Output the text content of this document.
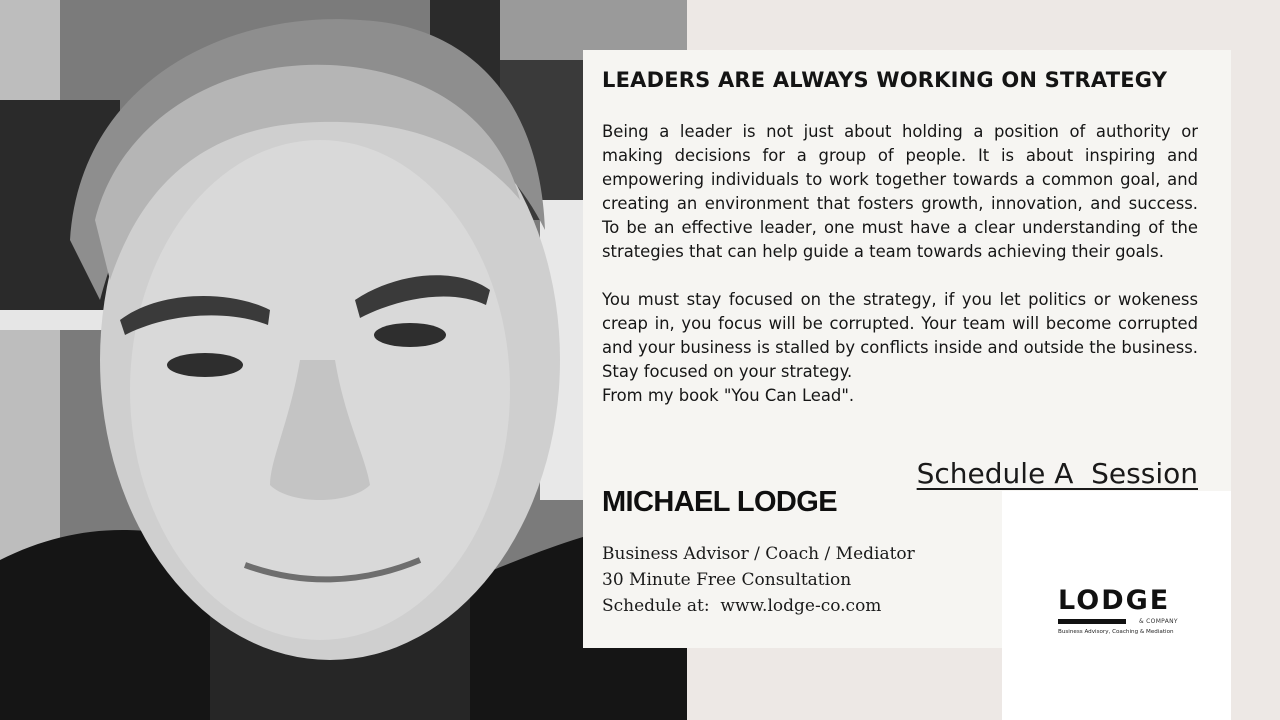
LEADERS ARE ALWAYS WORKING ON STRATEGY

Being a leader is not just about holding a position of authority or making decisions for a group of people. It is about inspiring and empowering individuals to work together towards a common goal, and creating an environment that fosters growth, innovation, and success. To be an effective leader, one must have a clear understanding of the strategies that can help guide a team towards achieving their goals.

You must stay focused on the strategy, if you let politics or wokeness creap in, you focus will be corrupted. Your team will become corrupted and your business is stalled by conflicts inside and outside the business. Stay focused on your strategy.

From my book "You Can Lead".

Schedule A  Session
MICHAEL LODGE
Business Advisor / Coach / Mediator
30 Minute Free Consultation
Schedule at:  www.lodge-co.com	LODGE
& COMPANY
Business Advisory, Coaching & Mediation
